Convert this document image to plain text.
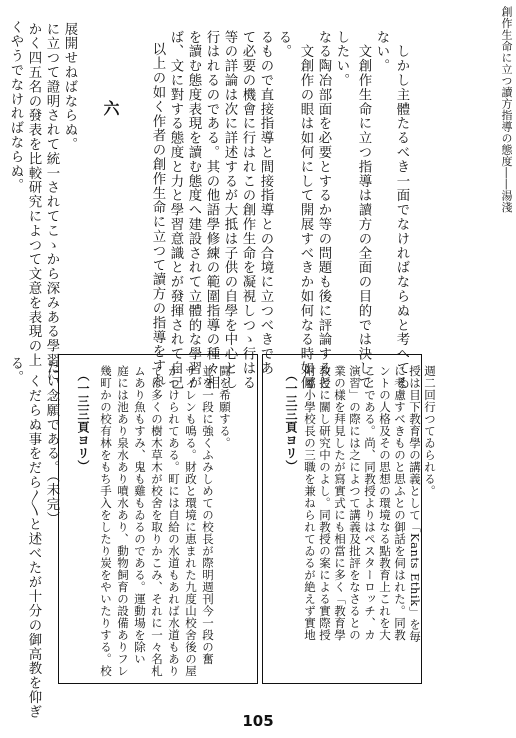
創作生命に立つ讀方指導の態度――湯淺
くやうでなければならぬ。 かく四五名の發表を比較研究によつて文意を表現の上 に立つて證明されて統一されてこゝから深みある學習に 展開せねばならぬ。 六 以上の如く作者の創作生命に立つて讀方の指導をすれ ば、文に對する態度と力と學習意識とが發揮されて自己 を讀む態度表現を讀む態度へ建設されて立體的な學習が 行はれるのである。其の他語學修練の範圍指導の種々相 等の詳論は次に詳述するが大抵は子供の自學を中心とし て必要の機會に行はれこの創作生命を凝視しつゝ行はる るもので直接指導と間接指導との合境に立つべきであ る。 　文創作の眼は如何にして開展すべきか如何なる時如何 なる陶冶部面を必要とするか等の問題も後に評論すると したい。 　文創作生命に立つ指導は讀方の全面の目的では決して ない。 　しかし主體たるべき一面でなければならぬと考へてゐ
る。 　くだらぬ事をだら〳〵と述べたが十分の御高教を仰ぎ たい念願である。（未完）	（一三三頁ヨリ） 附屬小學校長の三職を兼ねられてゐるが絶えず實地 教授に關し研究中のよし。同教授の案による實際授 業の樣を拜見したが寫實式にも相當に多く「教育學 演習」の際には之によつて講義及批評をなさるとの ことである。尚、同教授よりはペスターロッチ、カ ントの人格及その思想の環境なる點教育上これを大 に考慮すべきものと思ふとの御話を伺はれた。同教 授は目下教育學の講義として「Kants Ethik」を毎 週二回行つてゐられる。
（一三三頁ヨリ） 幾町かの校有林をもち手入をしたり炭をやいたりする。校 庭には池あり泉水あり噴水あり、動物飼育の設備ありフレ ムあり魚もすみ、鬼も雞もゐるのである。運動場を除い ては多くの樹木草木が校舍を取りかこみ、それに一々名札 がつけられてある。町には自給の水道もあれば水道もあり サイレンも鳴る。財政と環境に恵まれた九度山校舍後の屋 並を一段に強くふみしめての校長が際明週刊今一段の奮 闘を希願する。
105
